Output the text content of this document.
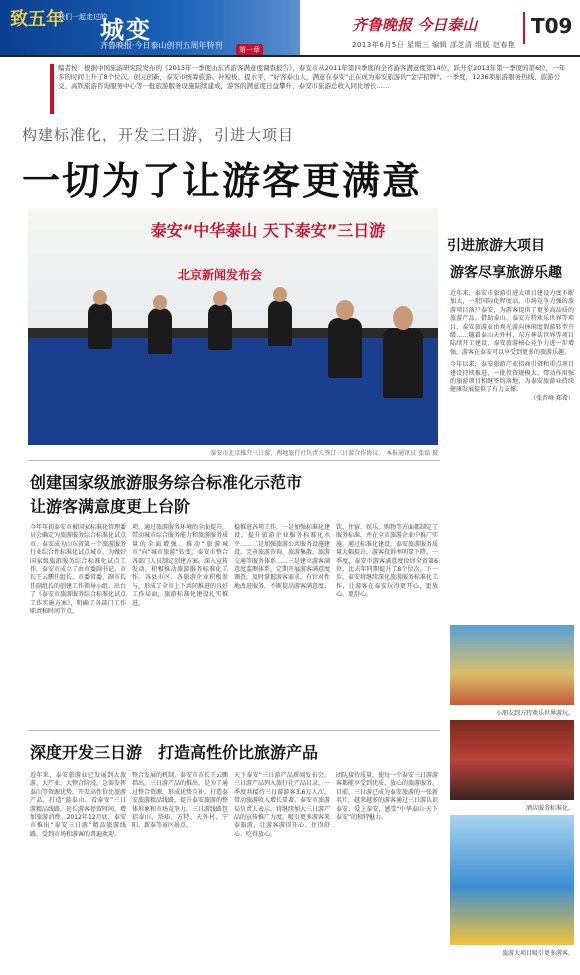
致五年
我们一起走过的
城变
齐鲁晚报·今日泰山创刊五周年特刊	第一章
齐鲁晚报 今日泰山	T09
2013年6月5日 星期三 编辑 邵芝清 组版 赵春艳
编者按：根据中国旅游研究院发布的《2013年一季度山东省游客满意度调查报告》，泰安市从2011年第四季度的全省游客满意度第14位，跃升至2013年第一季度的第6位，一年多的时间上升了8个位次。创元创新，泰安市统筹旅游、补短板、提水平，“好客泰山人，满意在泰安”正在成为泰安旅游的“金字招牌”。一季度，1236项旅游服务热线、旅游公交、高铁旅游咨询服务中心等一批旅游服务设施陆续建成，游客的满意度日益攀升，泰安市旅游总收入同比增长……
构建标准化，开发三日游，引进大项目
一切为了让游客更满意
泰安“中华泰山 天下泰安”三日游
北京新闻发布会
泰安市北京推介三日游，两地旅行社负责人签订三日游合作协议。 本报通讯员 张磊 摄
引进旅游大项目
游客尽享旅游乐趣
近年来，泰安市旅游引进大项目建设力度不断加大，一批国际化程度高、市场竞争力强的旅游项目落户泰安，为游客提供了更多高品质的旅游产品。借助泰山、泰安方特欢乐世界等项目，泰安旅游业由观光游向休闲度假游转型升级……随着泰山天外村、东方神话世界等项目陆续开工建设，泰安旅游核心竞争力进一步增强，游客在泰安可以享受到更多的旅游乐趣。
今年以来，泰安旅游产业招商引资和重点项目建设持续推进，一批投资规模大、带动作用强的旅游项目相继签约落地，为泰安旅游业持续健康发展提供了有力支撑。
（张晋峰 郑希）
小朋友到方特欢乐世界游玩。
酒店服务标准化。
旅游大项目吸引更多游客。
创建国家级旅游服务综合标准化示范市
让游客满意度更上台阶
今年年初泰安市被国家标准化管理委员会确定为旅游服务综合标准化试点市，泰安成为山东省第一个旅游服务行业综合性标准化试点城市。为做好国家级旅游服务综合标准化试点工作，泰安市成立了由市委副书记、市长王云鹏任组长，市委常委、副市长任副组长的创建工作领导小组，出台了《泰安市旅游服务综合标准化试点工作实施方案》，明确了各部门工作职责和时间节点。
项，通过旅游服务环境的全面提升，带动城市综合服务能力和旅游服务质量的全面增强。推动“旅游城市”向“城市旅游”转变。泰安市整合各部门人员制定创建方案，深入宣传发动，积极推动旅游服务标准化工作。各县市区、各旅游企业积极参与，形成了全市上下共同推进的良好工作局面，旅游标准化建设扎实推进。
稳推进各项工作，一是加强标准化建设，提升旅游企业服务标准化水平……二是加强旅游公共服务设施建设，完善旅游咨询、旅游集散、旅游交通等服务体系……三是建立游客满意度监测体系，定期开展游客满意度调查，及时掌握游客需求，有针对性地改进服务，不断提高游客满意度。
饮、住宿、娱乐、购物等方面都制定了服务标准，并在全市旅游企业中推广实施。通过标准化建设，泰安旅游服务质量大幅提升，游客投诉率明显下降。一季度，泰安市游客满意度位居全省第6位，比去年同期提升了8个位次。下一步，泰安将继续深化旅游服务标准化工作，让游客在泰安玩得更开心、更放心、更舒心。
深度开发三日游　打造高性价比旅游产品
近年来，泰安旅游业已发展到大旅游、大产业、大整合阶段，急需发挥泰山等资源优势，开发高性价比旅游产品，打造“游泰山、看泰安”三日游精品线路，延长游客停留时间，增加旅游消费。2012年12月底，泰安市推出“泰安三日游”精品旅游线路，受到市场和游客的普遍欢迎。
整合发展的机制。泰安市市长王云鹏指出，三日游产品的推出，是为了通过整合资源，形成优势互补，打造泰安旅游精品线路，提升泰安旅游的整体形象和市场竞争力。三日游线路包括泰山、岱庙、方特、天外村、宁阳、新泰等景区景点。
天下泰安”三日游产品新闻发布会，三日游产品列入旅行社产品目录，一季度共接待三日游游客3.6万人次，带动旅游收入增长显著。泰安市旅游局负责人表示，将继续加大三日游产品的宣传推广力度，吸引更多游客来泰旅游，让游客游得开心、住得舒心、吃得放心。
团队接待质量，使每一个泰安三日游游客都能享受到优质、放心的旅游服务。目前，三日游已成为泰安旅游的一张新名片，越来越多的游客通过三日游认识泰安、爱上泰安，感受“中华泰山·天下泰安”的独特魅力。
